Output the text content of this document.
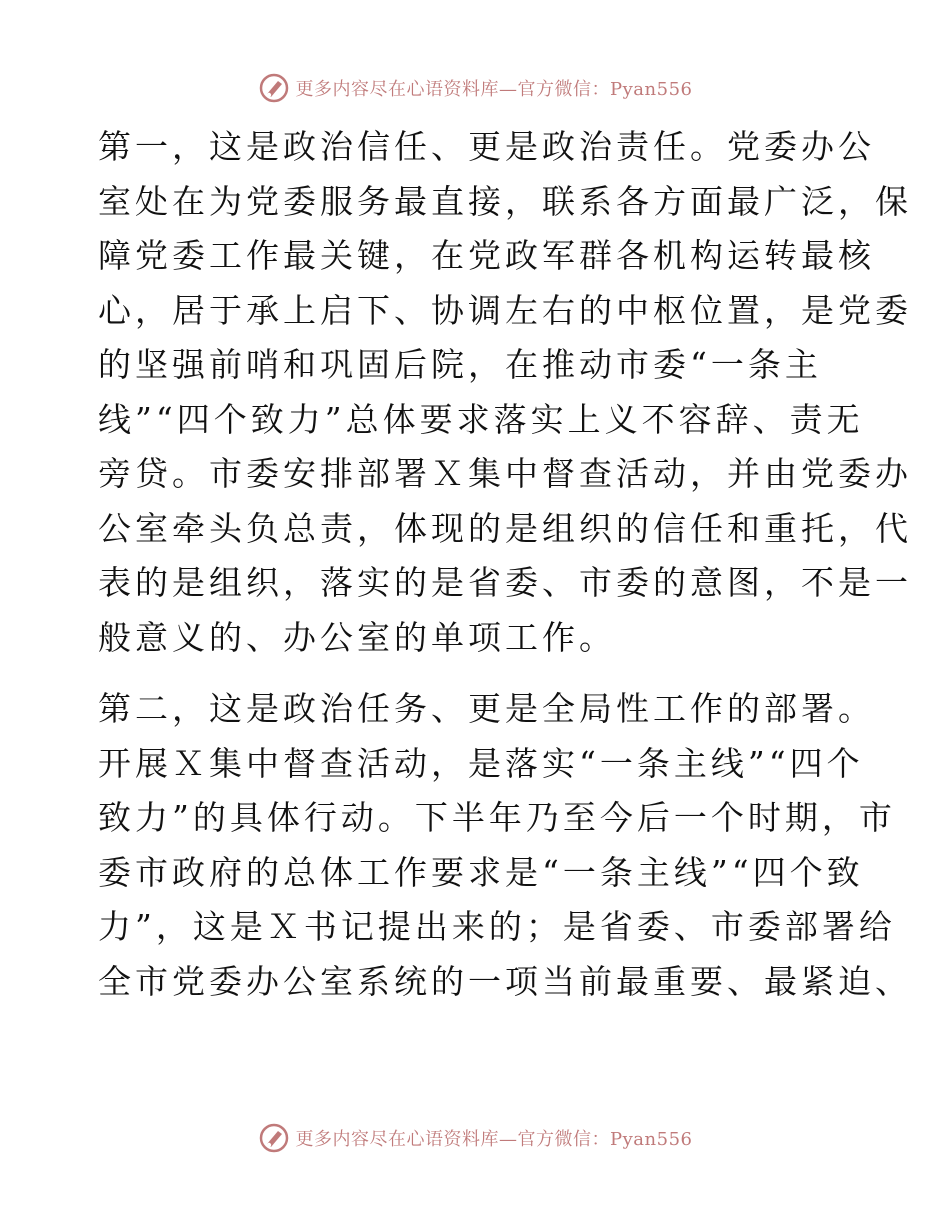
更多内容尽在心语资料库—官方微信：Pyan556

第一，这是政治信任、更是政治责任。党委办公

室处在为党委服务最直接，联系各方面最广泛，保

障党委工作最关键，在党政军群各机构运转最核

心，居于承上启下、协调左右的中枢位置，是党委

的坚强前哨和巩固后院，在推动市委“一条主

线”“四个致力”总体要求落实上义不容辞、责无

旁贷。市委安排部署Ｘ集中督查活动，并由党委办

公室牵头负总责，体现的是组织的信任和重托，代

表的是组织，落实的是省委、市委的意图，不是一

般意义的、办公室的单项工作。

第二，这是政治任务、更是全局性工作的部署。

开展Ｘ集中督查活动，是落实“一条主线”“四个

致力”的具体行动。下半年乃至今后一个时期，市

委市政府的总体工作要求是“一条主线”“四个致

力”，这是Ｘ书记提出来的；是省委、市委部署给

全市党委办公室系统的一项当前最重要、最紧迫、

更多内容尽在心语资料库—官方微信：Pyan556
